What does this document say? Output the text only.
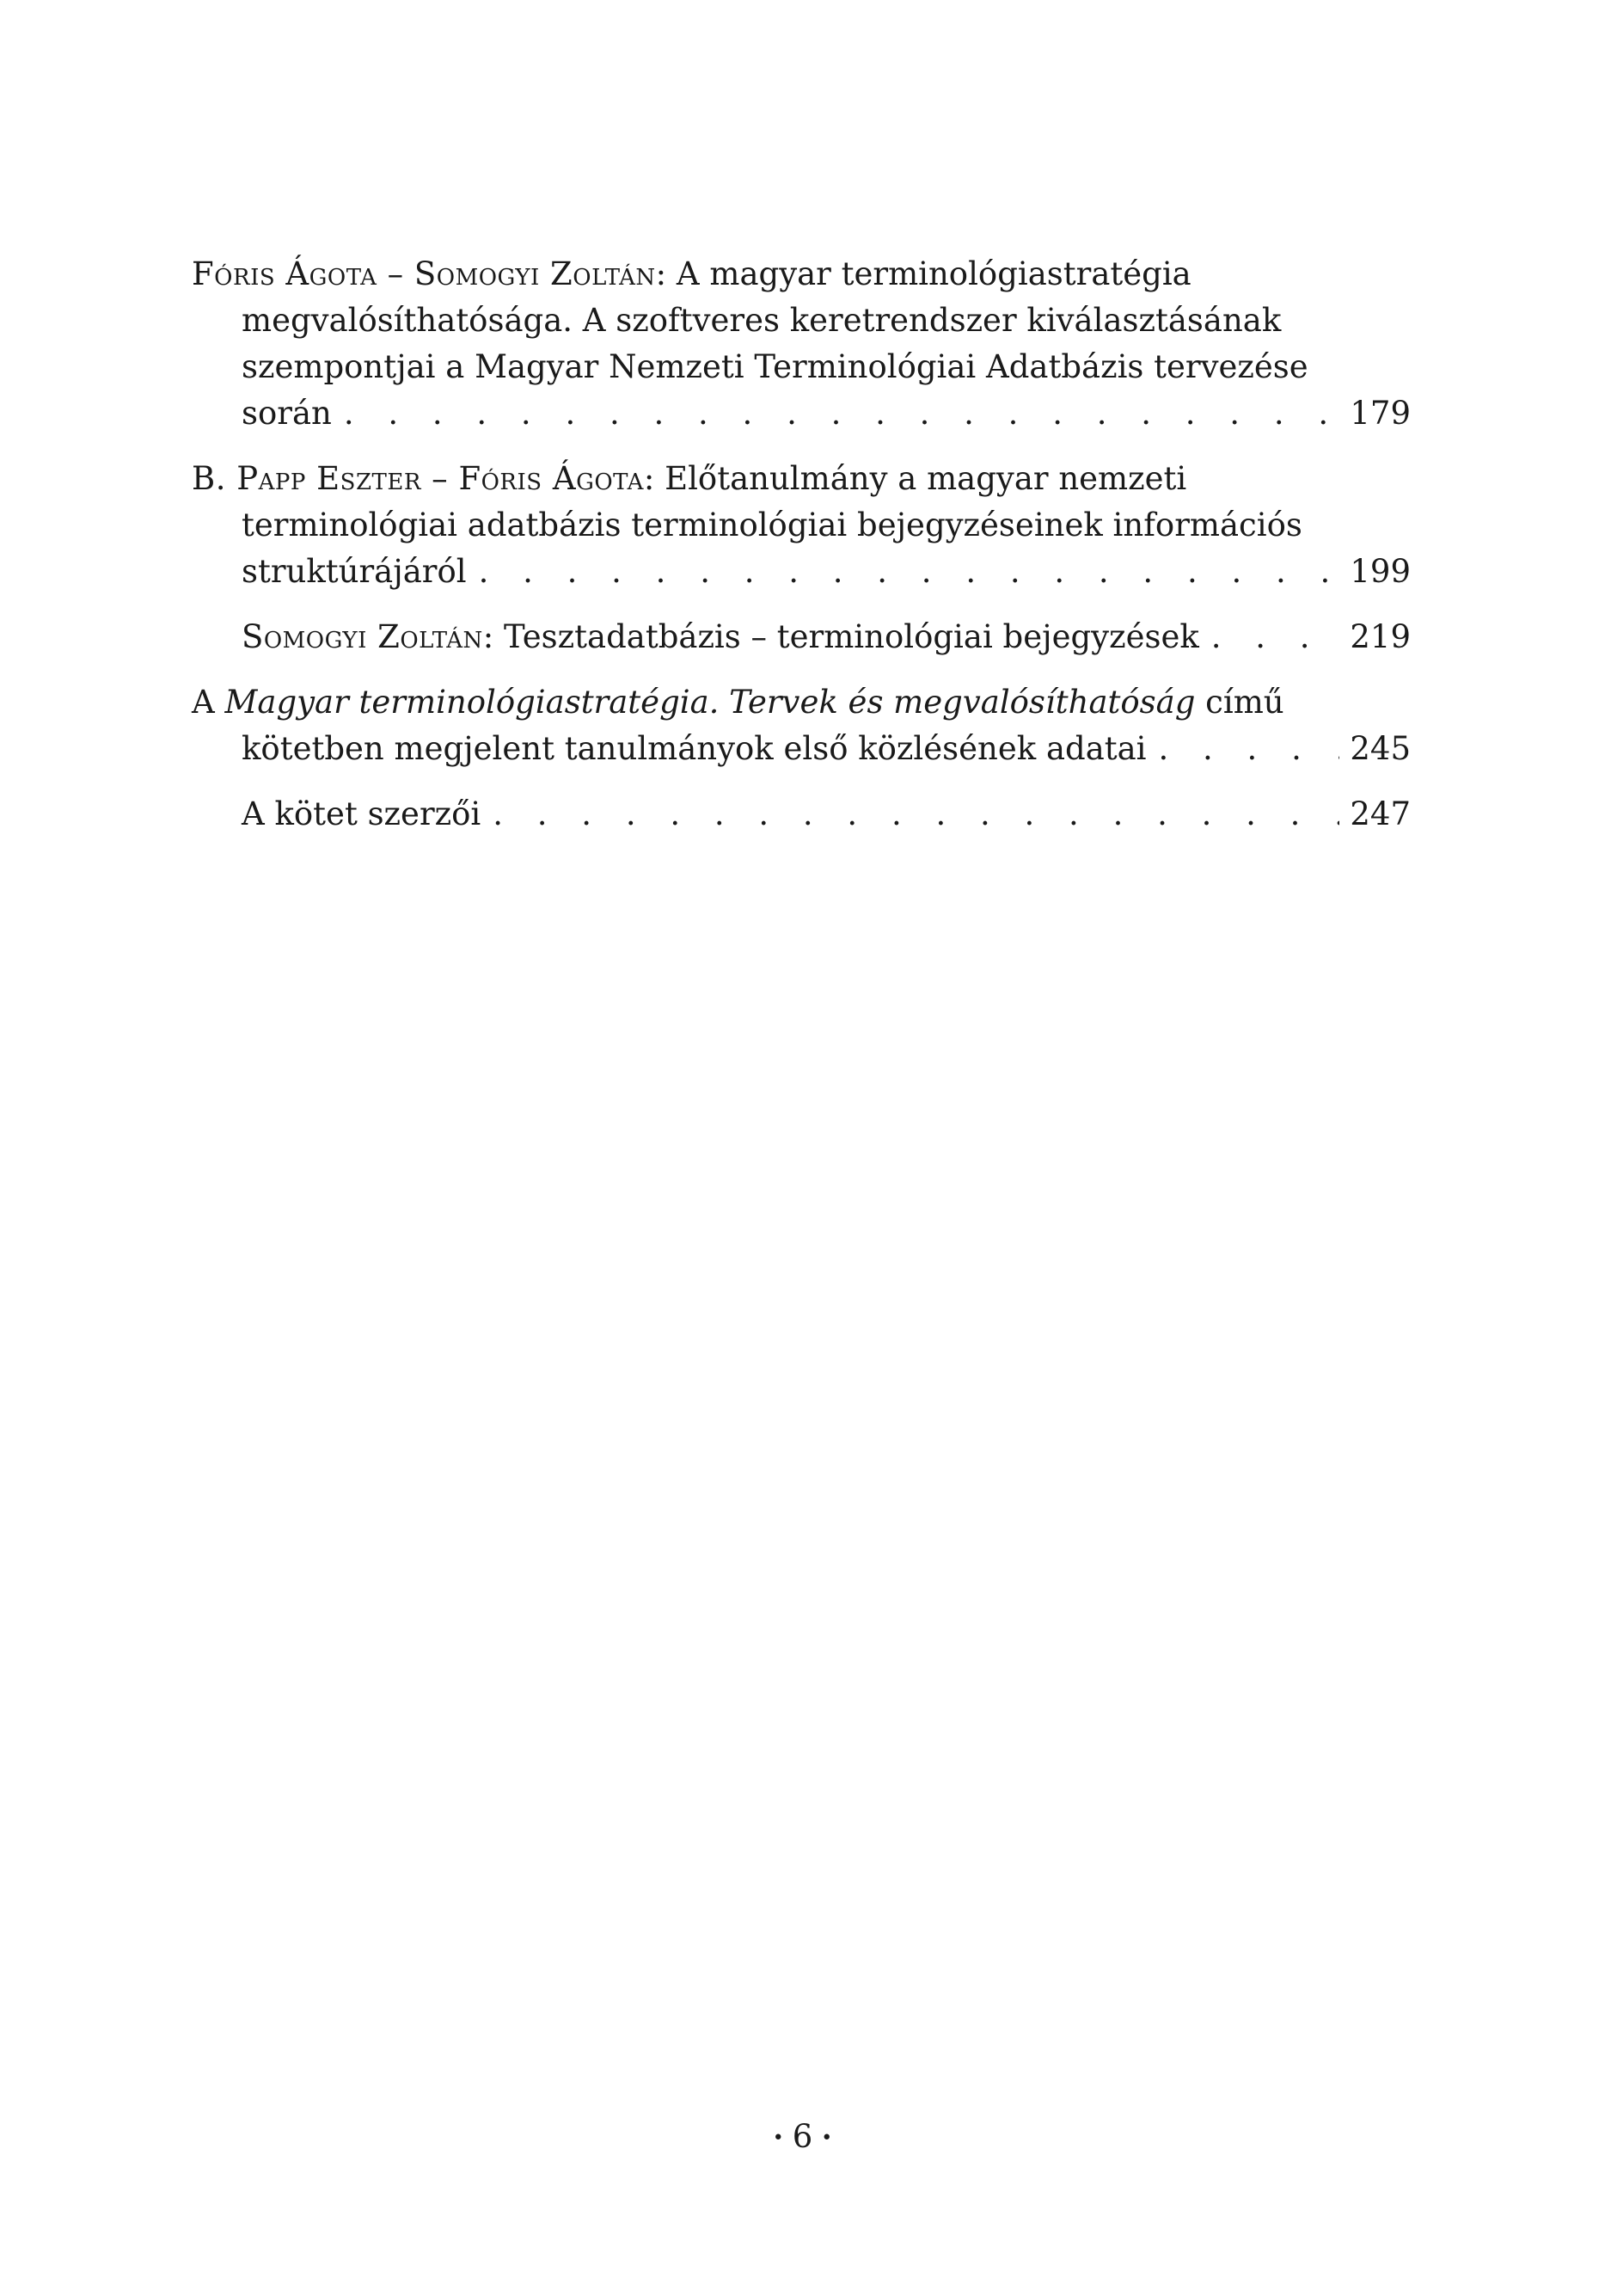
Fóris Ágota – Somogyi Zoltán: A magyar terminológiastratégia
megvalósíthatósága. A szoftveres keretrendszer kiválasztásának
szempontjai a Magyar Nemzeti Terminológiai Adatbázis tervezése
során . . .	179
B. Papp Eszter – Fóris Ágota: Előtanulmány a magyar nemzeti
terminológiai adatbázis terminológiai bejegyzéseinek információs
struktúrájáról . . .	199
Somogyi Zoltán: Tesztadatbázis – terminológiai bejegyzések . . .	219
A Magyar terminológiastratégia. Tervek és megvalósíthatóság című
kötetben megjelent tanulmányok első közlésének adatai . . .	245
A kötet szerzői . . .	247
• 6 •
